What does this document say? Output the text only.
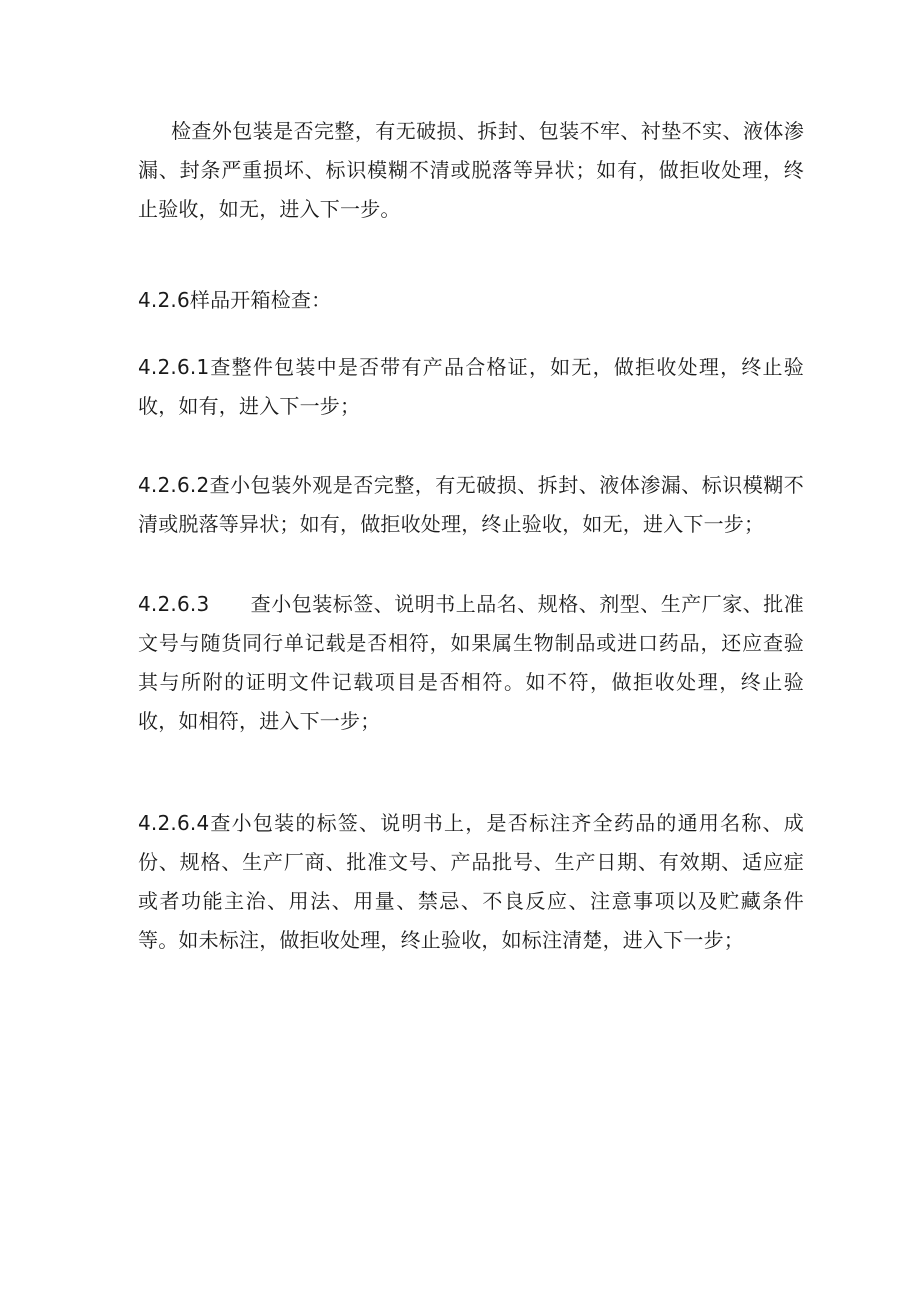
检查外包装是否完整，有无破损、拆封、包装不牢、衬垫不实、液体渗漏、封条严重损坏、标识模糊不清或脱落等异状；如有，做拒收处理，终止验收，如无，进入下一步。

4.2.6样品开箱检查：

4.2.6.1查整件包装中是否带有产品合格证，如无，做拒收处理，终止验收，如有，进入下一步；

4.2.6.2查小包装外观是否完整，有无破损、拆封、液体渗漏、标识模糊不清或脱落等异状；如有，做拒收处理，终止验收，如无，进入下一步；

4.2.6.3　　查小包装标签、说明书上品名、规格、剂型、生产厂家、批准文号与随货同行单记载是否相符，如果属生物制品或进口药品，还应查验其与所附的证明文件记载项目是否相符。如不符，做拒收处理，终止验收，如相符，进入下一步；

4.2.6.4查小包装的标签、说明书上，是否标注齐全药品的通用名称、成份、规格、生产厂商、批准文号、产品批号、生产日期、有效期、适应症或者功能主治、用法、用量、禁忌、不良反应、注意事项以及贮藏条件等。如未标注，做拒收处理，终止验收，如标注清楚，进入下一步；
